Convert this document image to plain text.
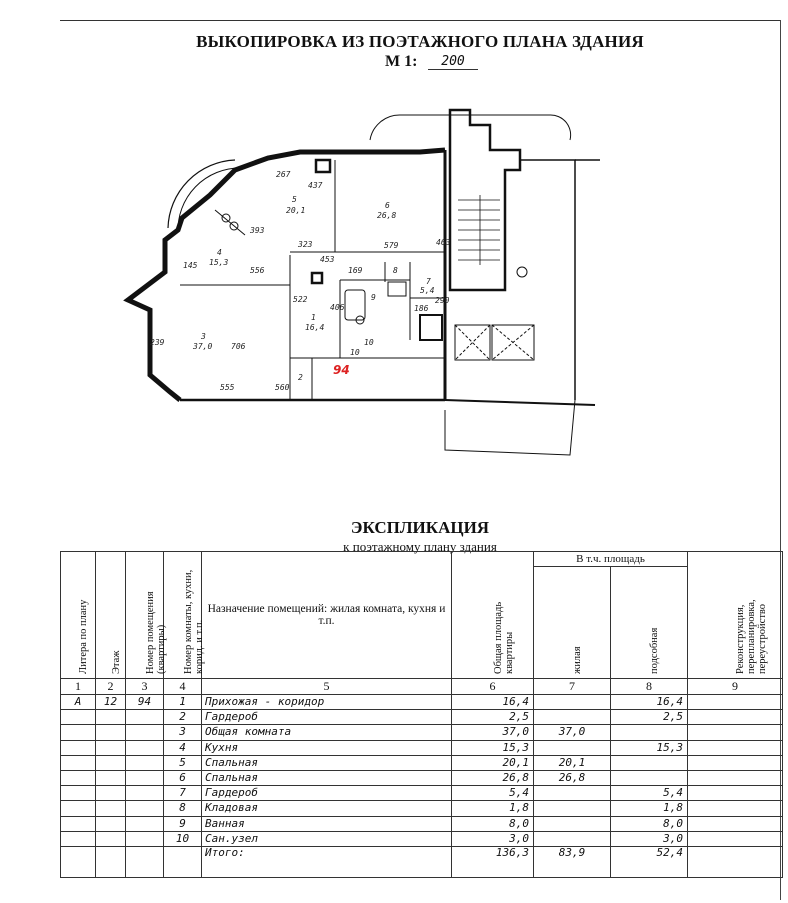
ВЫКОПИРОВКА ИЗ ПОЭТАЖНОГО ПЛАНА ЗДАНИЯ
М 1:	200
267
437
393
323
453
579	463
145
556
522
406
169
186
290
239	706
555	560
10
5
20,1
6
26,8
4
15,3
1
16,4
3
37,0
7
5,4
8
9
2
10
94
ЭКСПЛИКАЦИЯ
к поэтажному плану здания
Литера по плану	Этаж	Номер помещения (квартиры)	Номер комнаты, кухни, корид. и т.п.	Назначение помещений: жилая комната, кухня и т.п.	Общая площадь квартиры	В т.ч. площадь		Реконструкция, перепланировка, переустройство

						жилая	подсобная	

1	2	3	4	5	6	7	8	9
А	12	94	1	Прихожая - коридор	16,4		16,4	
			2	Гардероб	2,5		2,5	
			3	Общая комната	37,0	37,0		
			4	Кухня	15,3		15,3	
			5	Спальная	20,1	20,1		
			6	Спальная	26,8	26,8		
			7	Гардероб	5,4		5,4	
			8	Кладовая	1,8		1,8	
			9	Ванная	8,0		8,0	
			10	Сан.узел	3,0		3,0	
				Итого:	136,3	83,9	52,4	
